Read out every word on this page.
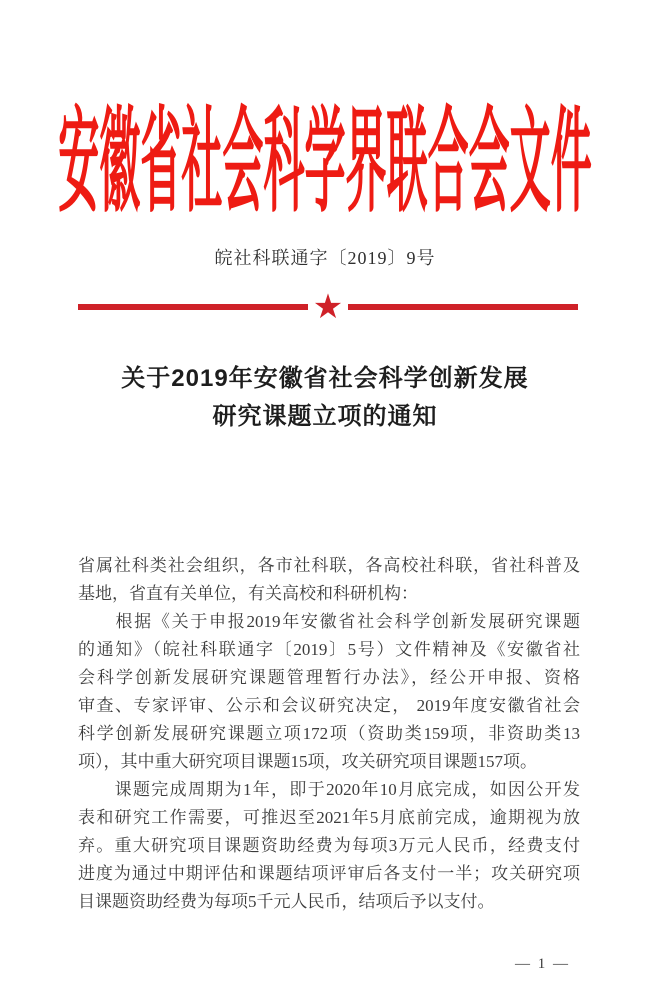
安徽省社会科学界联合会文件
皖社科联通字〔2019〕9号
★
关于2019年安徽省社会科学创新发展
研究课题立项的通知
省属社科类社会组织，各市社科联，各高校社科联，省社科普及
基地，省直有关单位，有关高校和科研机构：
　　根据《关于申报2019年安徽省社会科学创新发展研究课题
的通知》（皖社科联通字〔2019〕5号）文件精神及《安徽省社
会科学创新发展研究课题管理暂行办法》，经公开申报、资格
审查、专家评审、公示和会议研究决定， 2019年度安徽省社会
科学创新发展研究课题立项172项（资助类159项，非资助类13
项），其中重大研究项目课题15项，攻关研究项目课题157项。
　　课题完成周期为1年，即于2020年10月底完成，如因公开发
表和研究工作需要，可推迟至2021年5月底前完成，逾期视为放
弃。重大研究项目课题资助经费为每项3万元人民币，经费支付
进度为通过中期评估和课题结项评审后各支付一半；攻关研究项
目课题资助经费为每项5千元人民币，结项后予以支付。
— 1 —
